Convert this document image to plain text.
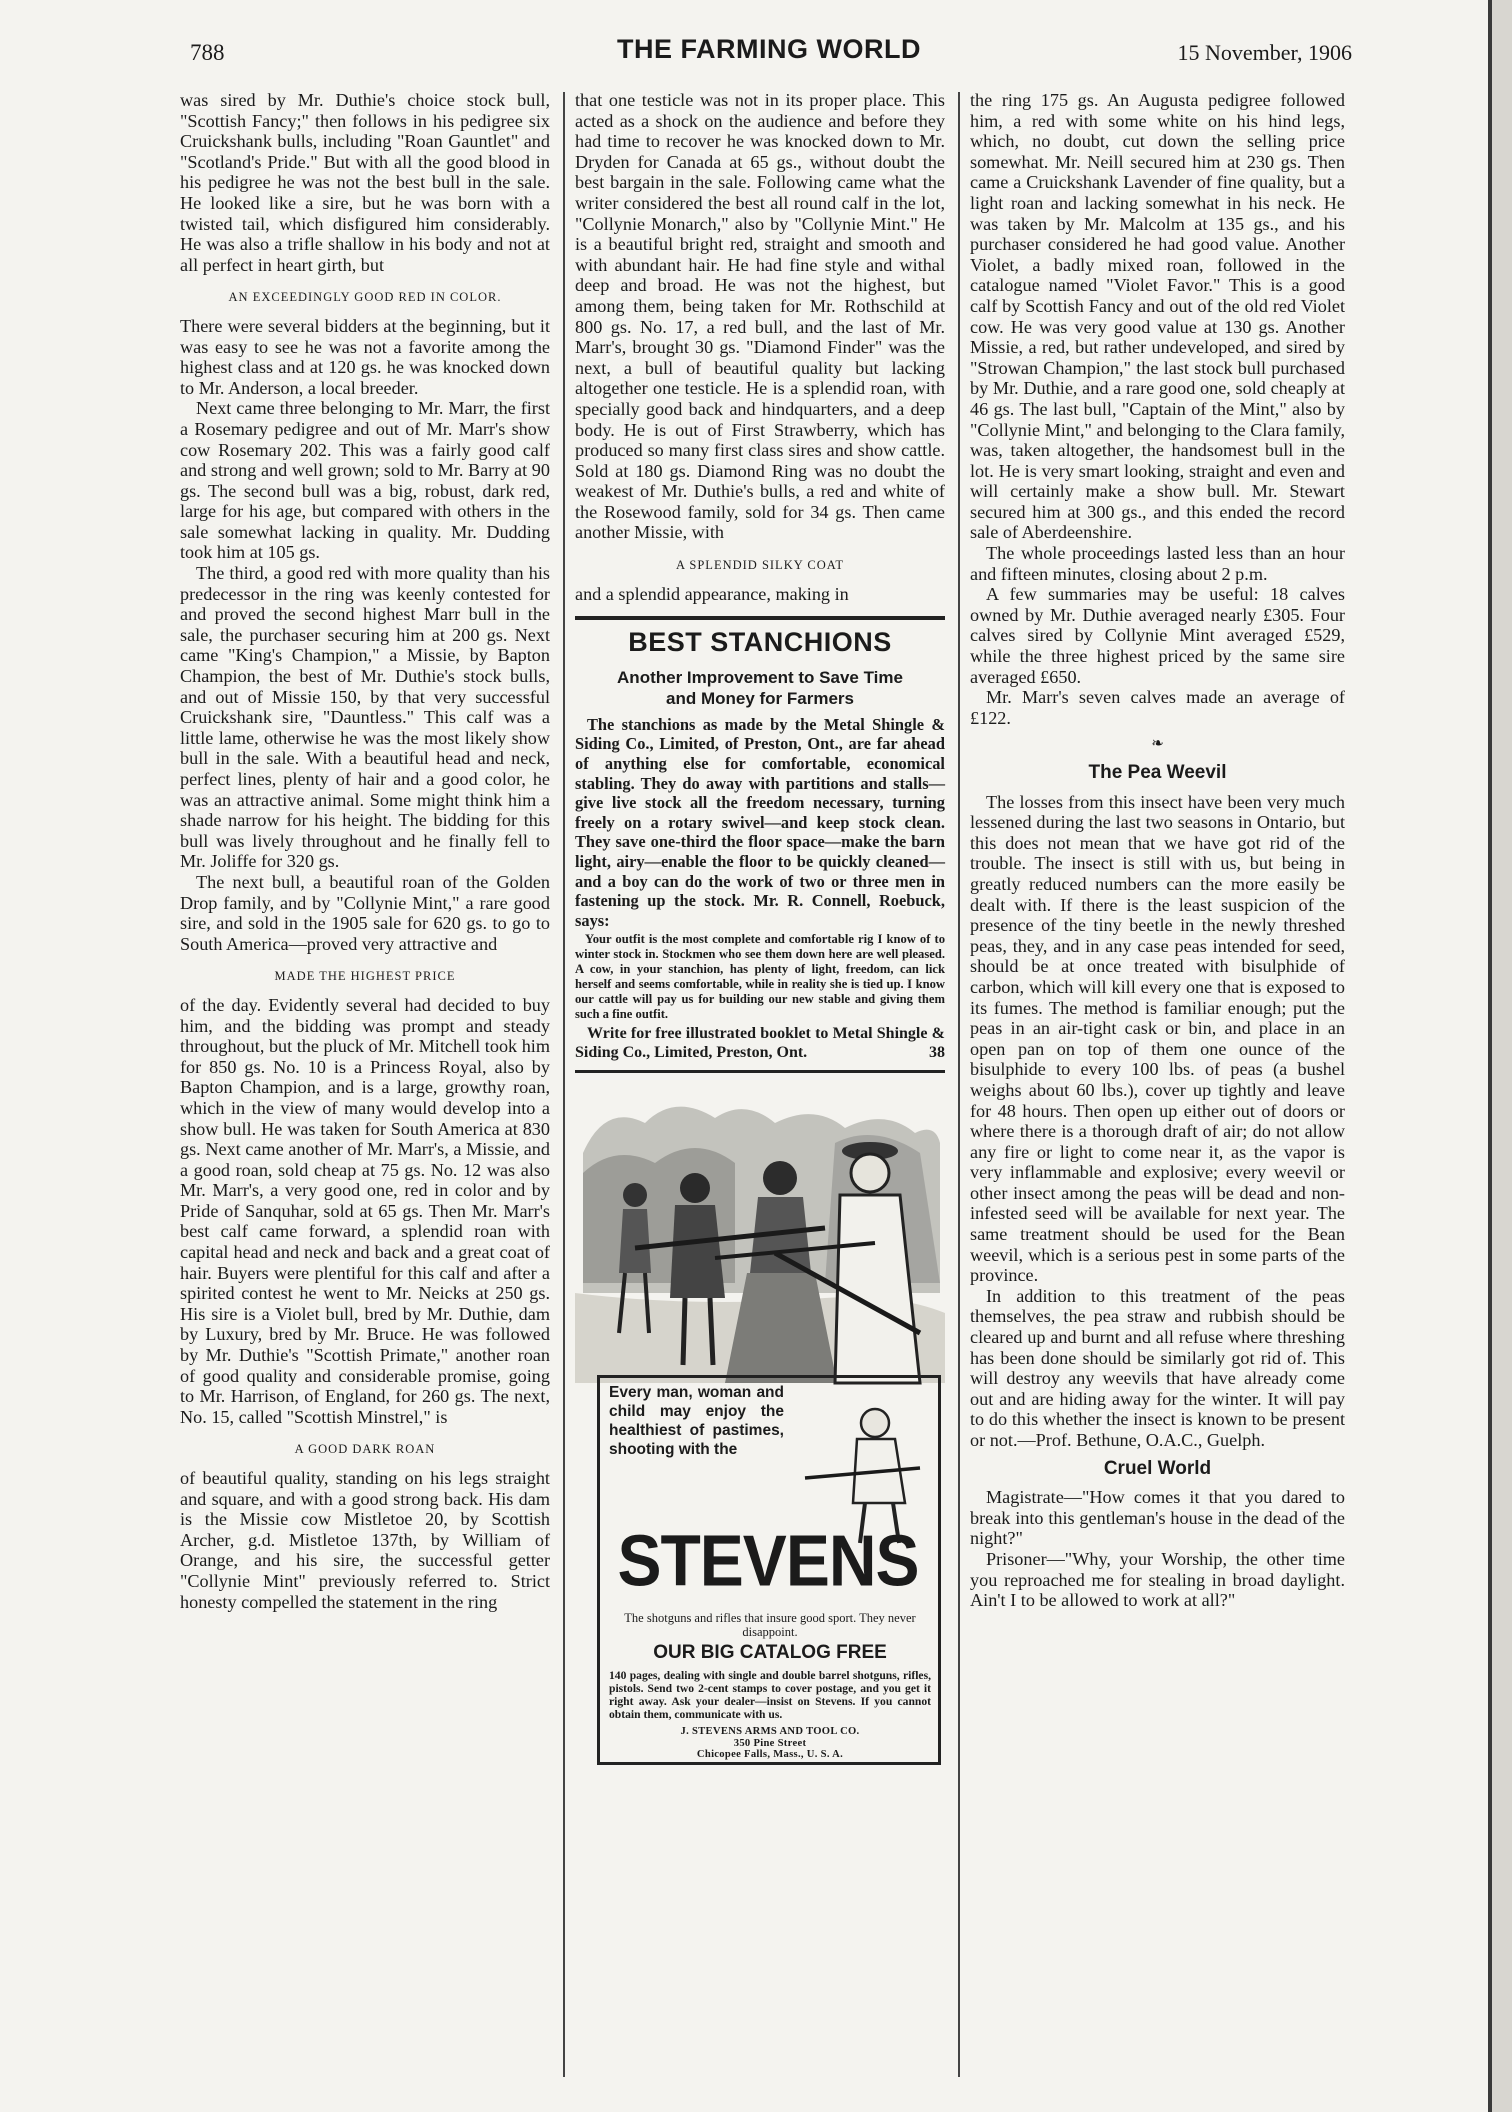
788	THE FARMING WORLD	15 November, 1906

was sired by Mr. Duthie's choice stock bull, "Scottish Fancy;" then follows in his pedigree six Cruickshank bulls, including "Roan Gauntlet" and "Scotland's Pride." But with all the good blood in his pedigree he was not the best bull in the sale. He looked like a sire, but he was born with a twisted tail, which disfigured him considerably. He was also a trifle shallow in his body and not at all perfect in heart girth, but

AN EXCEEDINGLY GOOD RED IN COLOR.

There were several bidders at the beginning, but it was easy to see he was not a favorite among the highest class and at 120 gs. he was knocked down to Mr. Anderson, a local breeder.

Next came three belonging to Mr. Marr, the first a Rosemary pedigree and out of Mr. Marr's show cow Rosemary 202. This was a fairly good calf and strong and well grown; sold to Mr. Barry at 90 gs. The second bull was a big, robust, dark red, large for his age, but compared with others in the sale somewhat lacking in quality. Mr. Dudding took him at 105 gs.

The third, a good red with more quality than his predecessor in the ring was keenly contested for and proved the second highest Marr bull in the sale, the purchaser securing him at 200 gs. Next came "King's Champion," a Missie, by Bapton Champion, the best of Mr. Duthie's stock bulls, and out of Missie 150, by that very successful Cruickshank sire, "Dauntless." This calf was a little lame, otherwise he was the most likely show bull in the sale. With a beautiful head and neck, perfect lines, plenty of hair and a good color, he was an attractive animal. Some might think him a shade narrow for his height. The bidding for this bull was lively throughout and he finally fell to Mr. Joliffe for 320 gs.

The next bull, a beautiful roan of the Golden Drop family, and by "Collynie Mint," a rare good sire, and sold in the 1905 sale for 620 gs. to go to South America—proved very attractive and

MADE THE HIGHEST PRICE

of the day. Evidently several had decided to buy him, and the bidding was prompt and steady throughout, but the pluck of Mr. Mitchell took him for 850 gs. No. 10 is a Princess Royal, also by Bapton Champion, and is a large, growthy roan, which in the view of many would develop into a show bull. He was taken for South America at 830 gs. Next came another of Mr. Marr's, a Missie, and a good roan, sold cheap at 75 gs. No. 12 was also Mr. Marr's, a very good one, red in color and by Pride of Sanquhar, sold at 65 gs. Then Mr. Marr's best calf came forward, a splendid roan with capital head and neck and back and a great coat of hair. Buyers were plentiful for this calf and after a spirited contest he went to Mr. Neicks at 250 gs. His sire is a Violet bull, bred by Mr. Duthie, dam by Luxury, bred by Mr. Bruce. He was followed by Mr. Duthie's "Scottish Primate," another roan of good quality and considerable promise, going to Mr. Harrison, of England, for 260 gs. The next, No. 15, called "Scottish Minstrel," is

A GOOD DARK ROAN

of beautiful quality, standing on his legs straight and square, and with a good strong back. His dam is the Missie cow Mistletoe 20, by Scottish Archer, g.d. Mistletoe 137th, by William of Orange, and his sire, the successful getter "Collynie Mint" previously referred to. Strict honesty compelled the statement in the ring

that one testicle was not in its proper place. This acted as a shock on the audience and before they had time to recover he was knocked down to Mr. Dryden for Canada at 65 gs., without doubt the best bargain in the sale. Following came what the writer considered the best all round calf in the lot, "Collynie Monarch," also by "Collynie Mint." He is a beautiful bright red, straight and smooth and with abundant hair. He had fine style and withal deep and broad. He was not the highest, but among them, being taken for Mr. Rothschild at 800 gs. No. 17, a red bull, and the last of Mr. Marr's, brought 30 gs. "Diamond Finder" was the next, a bull of beautiful quality but lacking altogether one testicle. He is a splendid roan, with specially good back and hindquarters, and a deep body. He is out of First Strawberry, which has produced so many first class sires and show cattle. Sold at 180 gs. Diamond Ring was no doubt the weakest of Mr. Duthie's bulls, a red and white of the Rosewood family, sold for 34 gs. Then came another Missie, with

A SPLENDID SILKY COAT

and a splendid appearance, making in

BEST STANCHIONS
Another Improvement to Save Time
and Money for Farmers
The stanchions as made by the Metal Shingle & Siding Co., Limited, of Preston, Ont., are far ahead of anything else for comfortable, economical stabling. They do away with partitions and stalls—give live stock all the freedom necessary, turning freely on a rotary swivel—and keep stock clean. They save one-third the floor space—make the barn light, airy—enable the floor to be quickly cleaned—and a boy can do the work of two or three men in fastening up the stock. Mr. R. Connell, Roebuck, says:
Your outfit is the most complete and comfortable rig I know of to winter stock in. Stockmen who see them down here are well pleased. A cow, in your stanchion, has plenty of light, freedom, can lick herself and seems comfortable, while in reality she is tied up. I know our cattle will pay us for building our new stable and giving them such a fine outfit.
Write for free illustrated booklet to Metal Shingle & Siding Co., Limited, Preston, Ont.	38
Every man, woman and child may enjoy the healthiest of pastimes, shooting with the
STEVENS
The shotguns and rifles that insure good sport. They never disappoint.
OUR BIG CATALOG FREE
140 pages, dealing with single and double barrel shotguns, rifles, pistols. Send two 2-cent stamps to cover postage, and you get it right away. Ask your dealer—insist on Stevens. If you cannot obtain them, communicate with us.
J. STEVENS ARMS AND TOOL CO.
350 Pine Street
Chicopee Falls, Mass., U. S. A.

the ring 175 gs. An Augusta pedigree followed him, a red with some white on his hind legs, which, no doubt, cut down the selling price somewhat. Mr. Neill secured him at 230 gs. Then came a Cruickshank Lavender of fine quality, but a light roan and lacking somewhat in his neck. He was taken by Mr. Malcolm at 135 gs., and his purchaser considered he had good value. Another Violet, a badly mixed roan, followed in the catalogue named "Violet Favor." This is a good calf by Scottish Fancy and out of the old red Violet cow. He was very good value at 130 gs. Another Missie, a red, but rather undeveloped, and sired by "Strowan Champion," the last stock bull purchased by Mr. Duthie, and a rare good one, sold cheaply at 46 gs. The last bull, "Captain of the Mint," also by "Collynie Mint," and belonging to the Clara family, was, taken altogether, the handsomest bull in the lot. He is very smart looking, straight and even and will certainly make a show bull. Mr. Stewart secured him at 300 gs., and this ended the record sale of Aberdeenshire.

The whole proceedings lasted less than an hour and fifteen minutes, closing about 2 p.m.

A few summaries may be useful: 18 calves owned by Mr. Duthie averaged nearly £305. Four calves sired by Collynie Mint averaged £529, while the three highest priced by the same sire averaged £650.

Mr. Marr's seven calves made an average of £122.

❧
The Pea Weevil

The losses from this insect have been very much lessened during the last two seasons in Ontario, but this does not mean that we have got rid of the trouble. The insect is still with us, but being in greatly reduced numbers can the more easily be dealt with. If there is the least suspicion of the presence of the tiny beetle in the newly threshed peas, they, and in any case peas intended for seed, should be at once treated with bisulphide of carbon, which will kill every one that is exposed to its fumes. The method is familiar enough; put the peas in an air-tight cask or bin, and place in an open pan on top of them one ounce of the bisulphide to every 100 lbs. of peas (a bushel weighs about 60 lbs.), cover up tightly and leave for 48 hours. Then open up either out of doors or where there is a thorough draft of air; do not allow any fire or light to come near it, as the vapor is very inflammable and explosive; every weevil or other insect among the peas will be dead and non-infested seed will be available for next year. The same treatment should be used for the Bean weevil, which is a serious pest in some parts of the province.

In addition to this treatment of the peas themselves, the pea straw and rubbish should be cleared up and burnt and all refuse where threshing has been done should be similarly got rid of. This will destroy any weevils that have already come out and are hiding away for the winter. It will pay to do this whether the insect is known to be present or not.—Prof. Bethune, O.A.C., Guelph.

Cruel World

Magistrate—"How comes it that you dared to break into this gentleman's house in the dead of the night?"

Prisoner—"Why, your Worship, the other time you reproached me for stealing in broad daylight. Ain't I to be allowed to work at all?"
